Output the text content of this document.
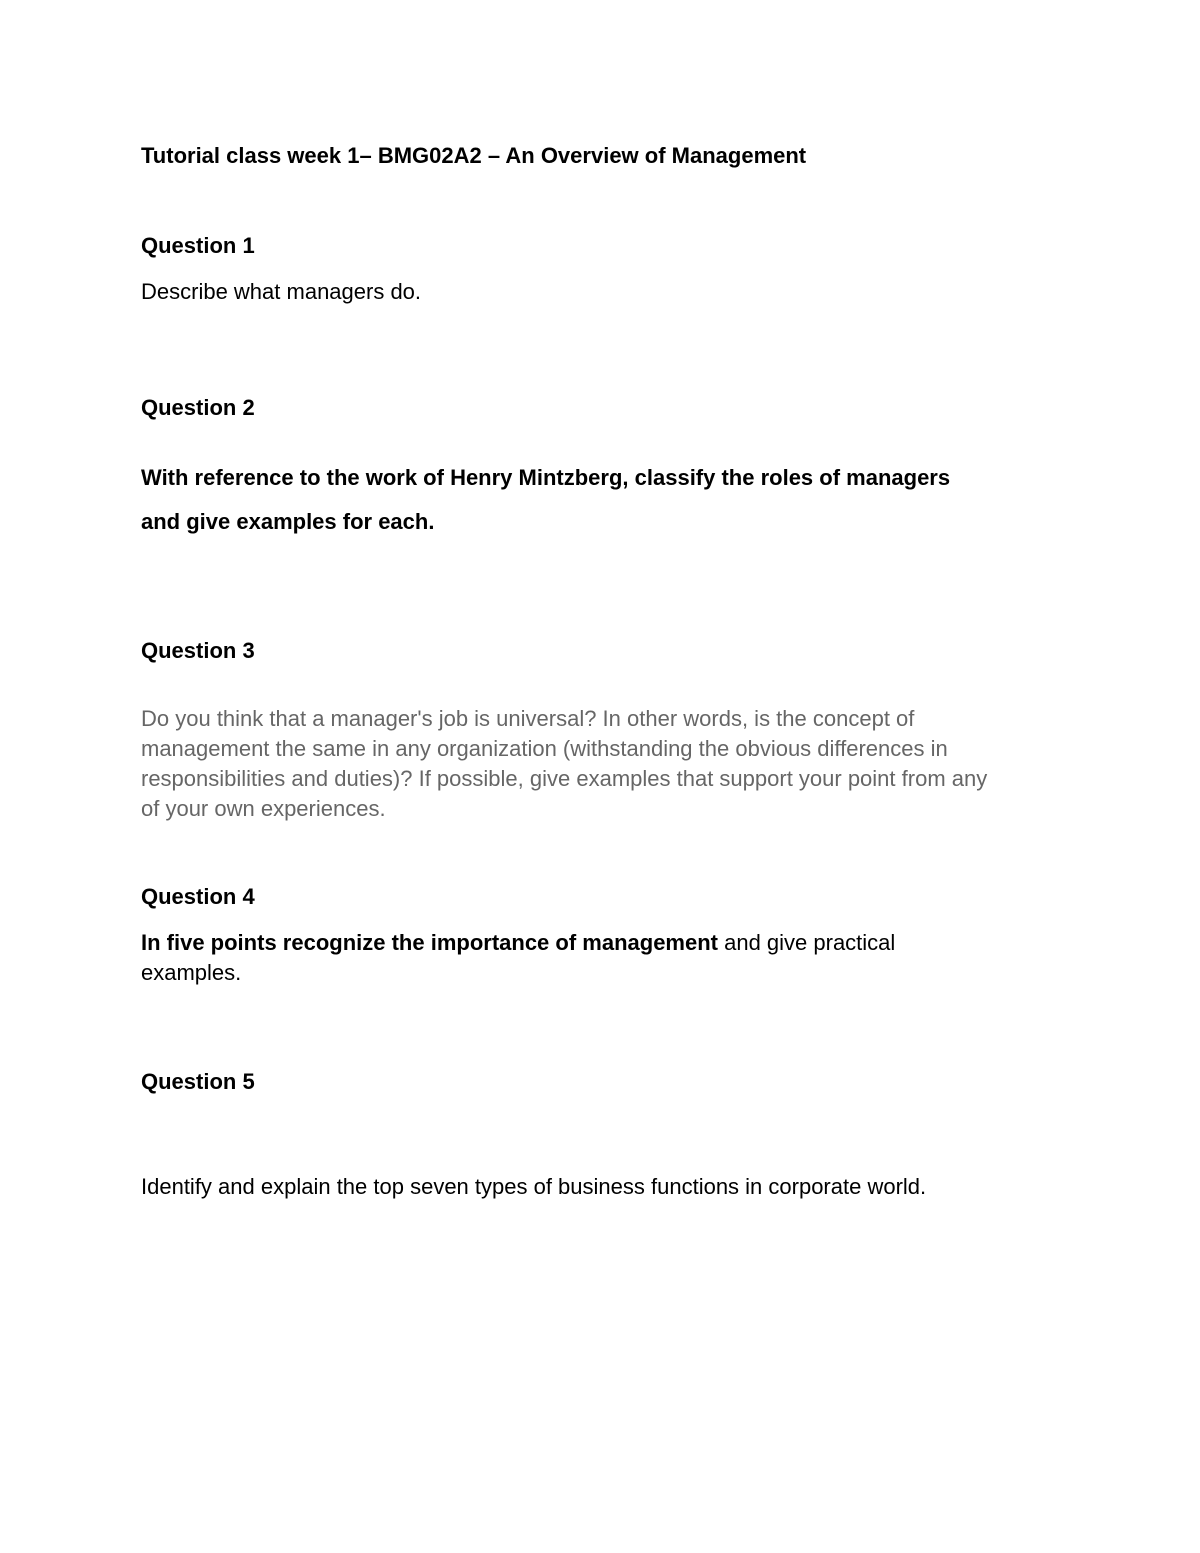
Tutorial class week 1– BMG02A2 – An Overview of Management
Question 1
Describe what managers do.
Question 2
With reference to the work of Henry Mintzberg, classify the roles of managers
and give examples for each.
Question 3
Do you think that a manager's job is universal? In other words, is the concept of
management the same in any organization (withstanding the obvious differences in
responsibilities and duties)? If possible, give examples that support your point from any
of your own experiences.
Question 4
In five points recognize the importance of management and give practical
examples.
Question 5
Identify and explain the top seven types of business functions in corporate world.
